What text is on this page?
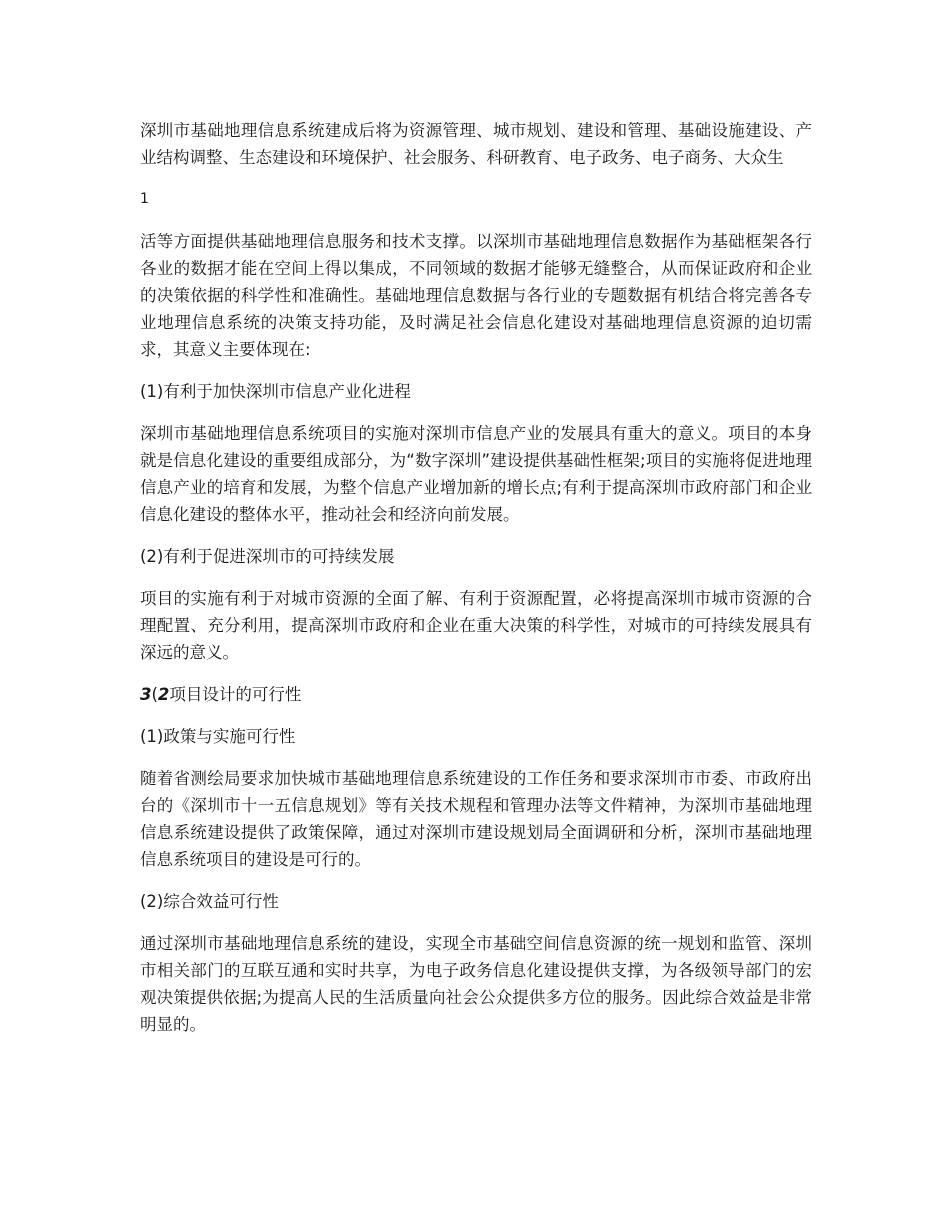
深圳市基础地理信息系统建成后将为资源管理、城市规划、建设和管理、基础设施建设、产业结构调整、生态建设和环境保护、社会服务、科研教育、电子政务、电子商务、大众生

1

活等方面提供基础地理信息服务和技术支撑。以深圳市基础地理信息数据作为基础框架各行各业的数据才能在空间上得以集成，不同领域的数据才能够无缝整合，从而保证政府和企业的决策依据的科学性和准确性。基础地理信息数据与各行业的专题数据有机结合将完善各专业地理信息系统的决策支持功能，及时满足社会信息化建设对基础地理信息资源的迫切需求，其意义主要体现在:

(1)有利于加快深圳市信息产业化进程

深圳市基础地理信息系统项目的实施对深圳市信息产业的发展具有重大的意义。项目的本身就是信息化建设的重要组成部分，为“数字深圳”建设提供基础性框架;项目的实施将促进地理信息产业的培育和发展，为整个信息产业增加新的增长点;有利于提高深圳市政府部门和企业信息化建设的整体水平，推动社会和经济向前发展。

(2)有利于促进深圳市的可持续发展

项目的实施有利于对城市资源的全面了解、有利于资源配置，必将提高深圳市城市资源的合理配置、充分利用，提高深圳市政府和企业在重大决策的科学性，对城市的可持续发展具有深远的意义。

3(2项目设计的可行性

(1)政策与实施可行性

随着省测绘局要求加快城市基础地理信息系统建设的工作任务和要求深圳市市委、市政府出台的《深圳市十一五信息规划》等有关技术规程和管理办法等文件精神，为深圳市基础地理信息系统建设提供了政策保障，通过对深圳市建设规划局全面调研和分析，深圳市基础地理信息系统项目的建设是可行的。

(2)综合效益可行性

通过深圳市基础地理信息系统的建设，实现全市基础空间信息资源的统一规划和监管、深圳市相关部门的互联互通和实时共享，为电子政务信息化建设提供支撑，为各级领导部门的宏观决策提供依据;为提高人民的生活质量向社会公众提供多方位的服务。因此综合效益是非常明显的。
